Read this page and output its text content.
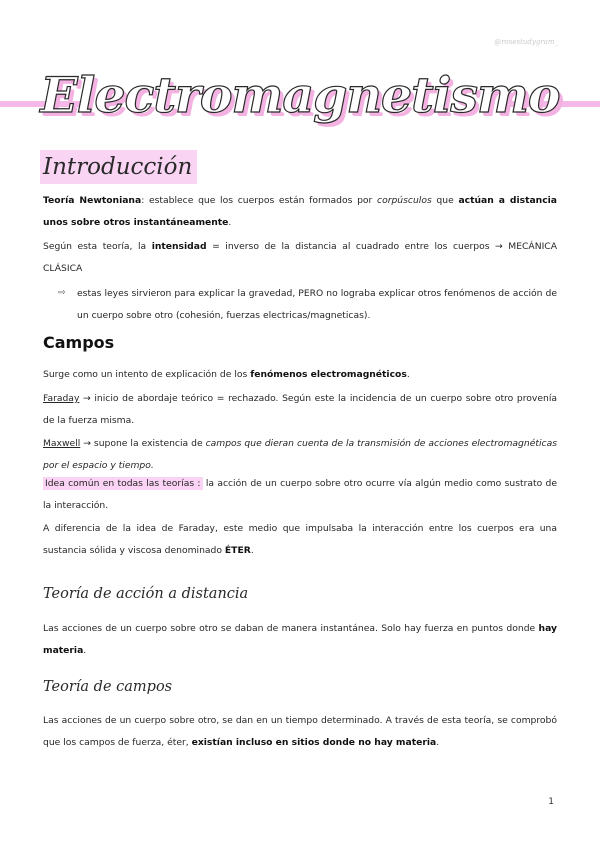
@rosestudygram_
Electromagnetismo
Introducción
Teoría Newtoniana: establece que los cuerpos están formados por corpúsculos que actúan a distancia unos sobre otros instantáneamente.
Según esta teoría, la intensidad = inverso de la distancia al cuadrado entre los cuerpos → MECÁNICA CLÁSICA
⇨ estas leyes sirvieron para explicar la gravedad, PERO no lograba explicar otros fenómenos de acción de un cuerpo sobre otro (cohesión, fuerzas electricas/magneticas).
Campos
Surge como un intento de explicación de los fenómenos electromagnéticos.
Faraday → inicio de abordaje teórico = rechazado. Según este la incidencia de un cuerpo sobre otro provenía de la fuerza misma.
Maxwell → supone la existencia de campos que dieran cuenta de la transmisión de acciones electromagnéticas por el espacio y tiempo.
Idea común en todas las teorías : la acción de un cuerpo sobre otro ocurre vía algún medio como sustrato de la interacción.
A diferencia de la idea de Faraday, este medio que impulsaba la interacción entre los cuerpos era una sustancia sólida y viscosa denominado ÉTER.
Teoría de acción a distancia
Las acciones de un cuerpo sobre otro se daban de manera instantánea. Solo hay fuerza en puntos donde hay materia.
Teoría de campos
Las acciones de un cuerpo sobre otro, se dan en un tiempo determinado. A través de esta teoría, se comprobó que los campos de fuerza, éter, existían incluso en sitios donde no hay materia.
1
